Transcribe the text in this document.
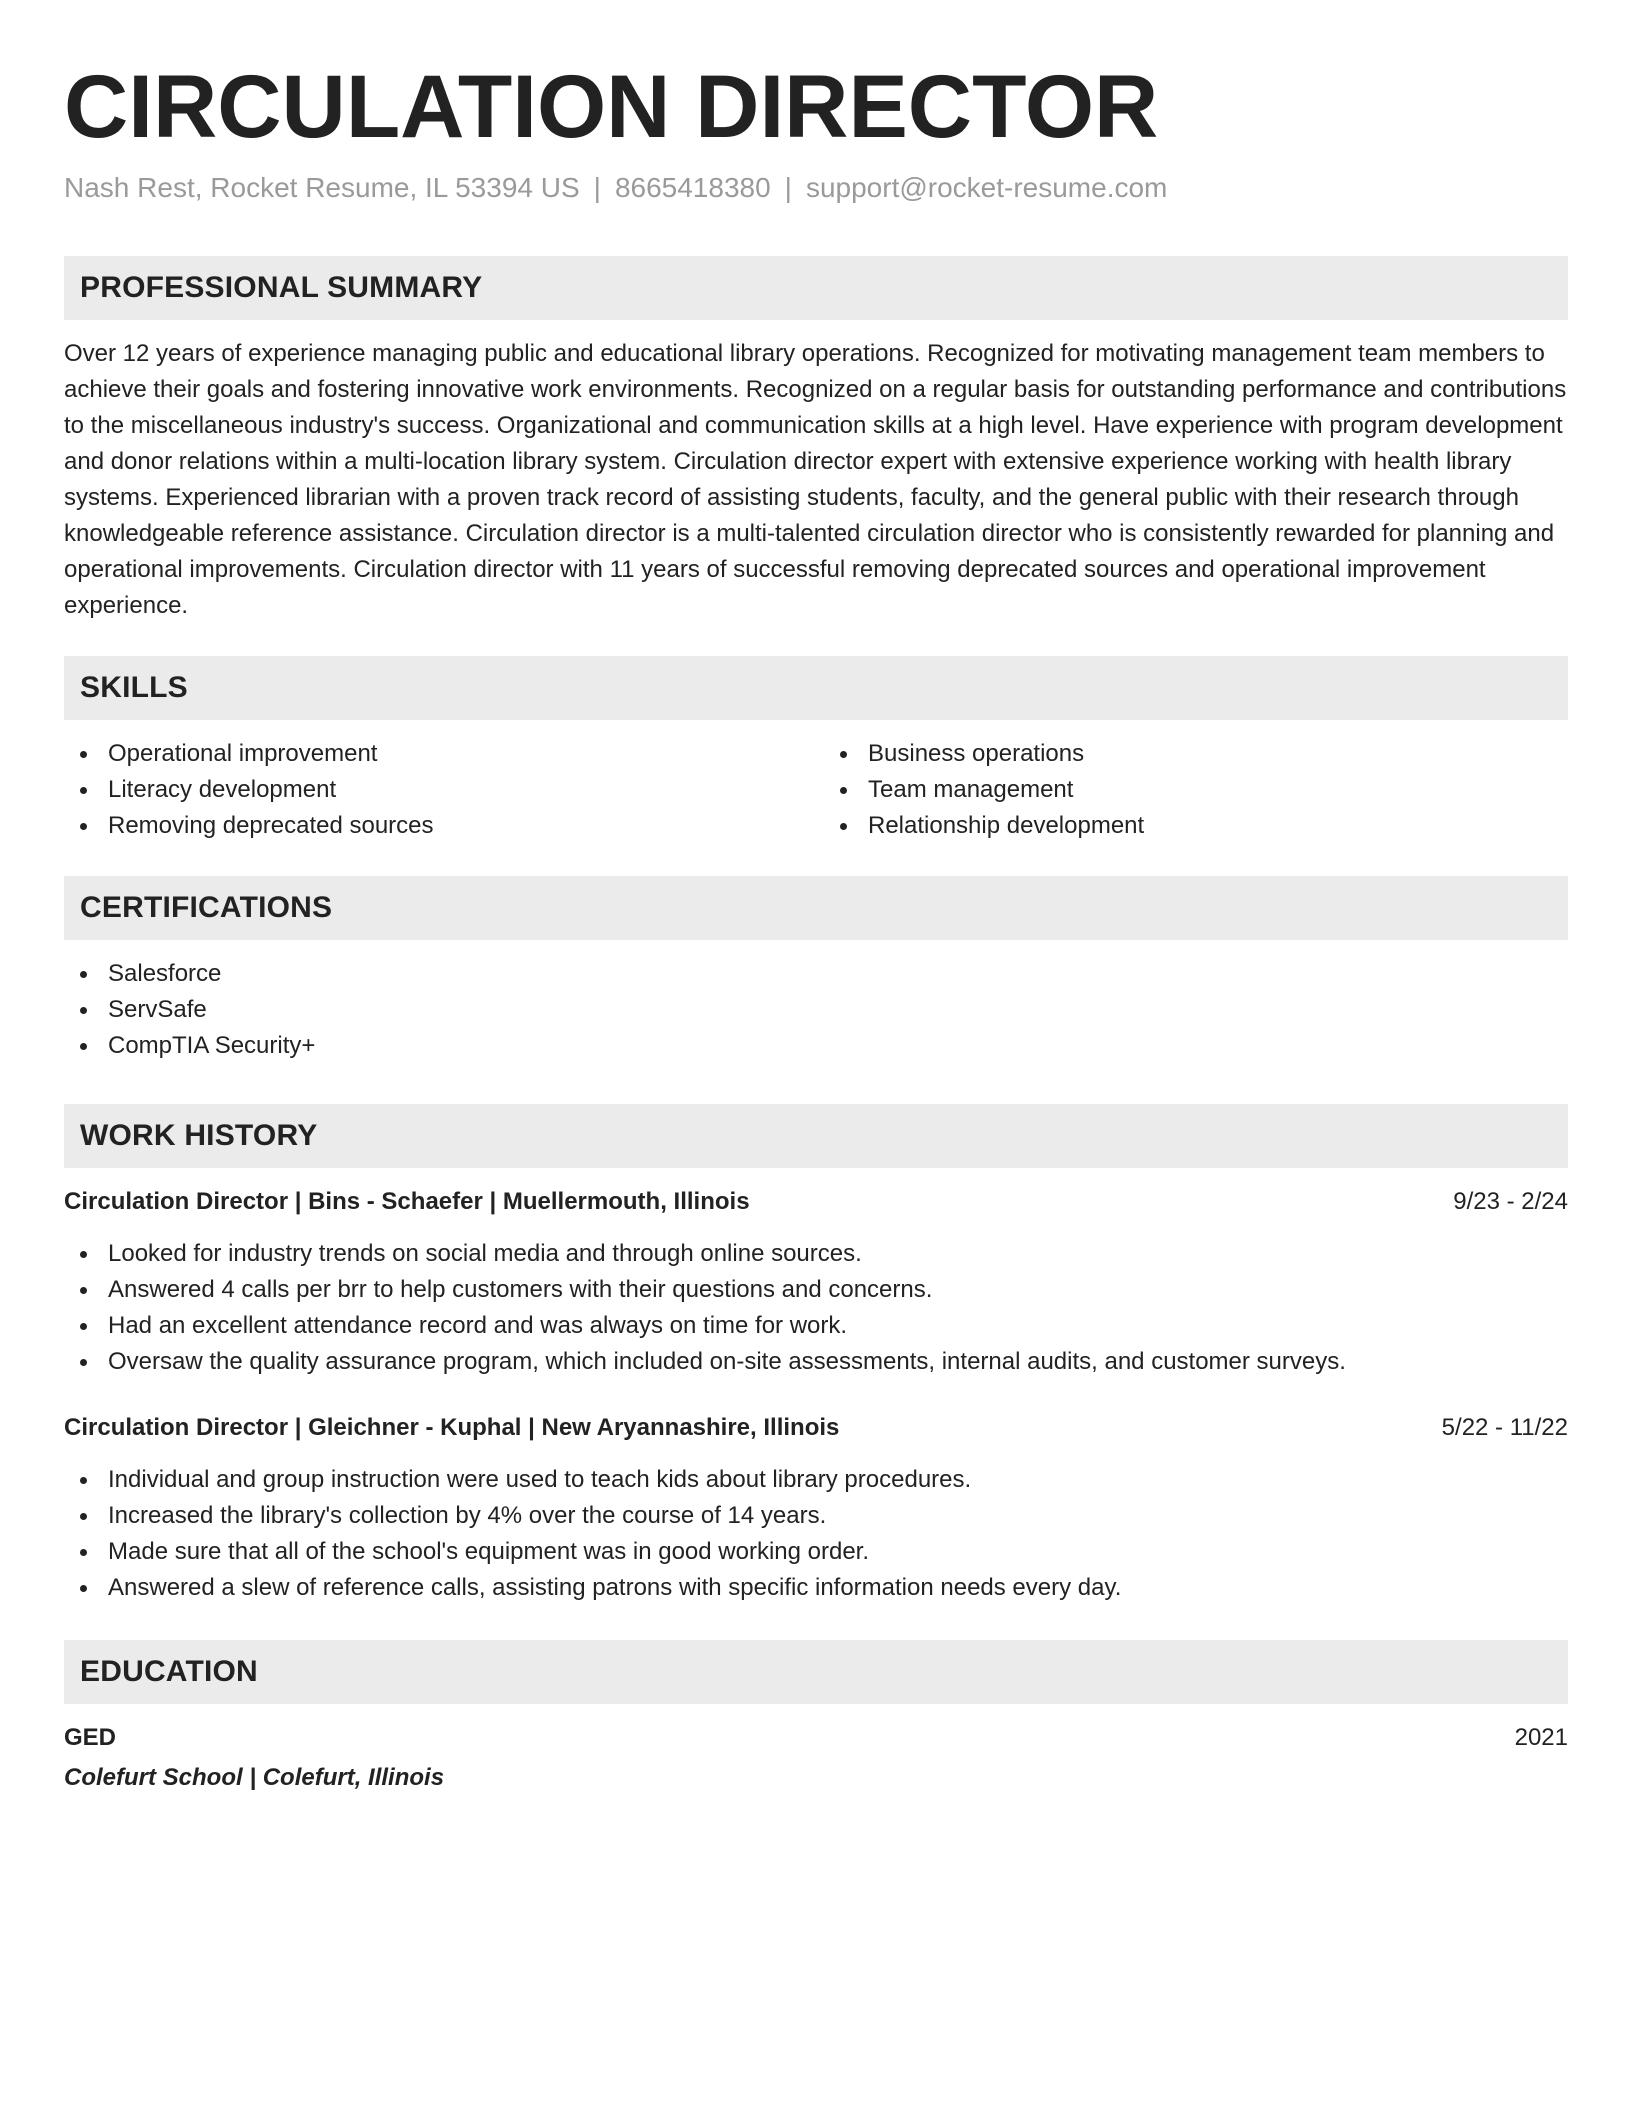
CIRCULATION DIRECTOR
Nash Rest, Rocket Resume, IL 53394 US | 8665418380 | support@rocket-resume.com
PROFESSIONAL SUMMARY

Over 12 years of experience managing public and educational library operations. Recognized for motivating management team members to achieve their goals and fostering innovative work environments. Recognized on a regular basis for outstanding performance and contributions to the miscellaneous industry's success. Organizational and communication skills at a high level. Have experience with program development and donor relations within a multi-location library system. Circulation director expert with extensive experience working with health library systems. Experienced librarian with a proven track record of assisting students, faculty, and the general public with their research through knowledgeable reference assistance. Circulation director is a multi-talented circulation director who is consistently rewarded for planning and operational improvements. Circulation director with 11 years of successful removing deprecated sources and operational improvement experience.

SKILLS
Operational improvement
Literacy development
Removing deprecated sources
Business operations
Team management
Relationship development
CERTIFICATIONS
Salesforce
ServSafe
CompTIA Security+
WORK HISTORY
Circulation Director | Bins - Schaefer | Muellermouth, Illinois	9/23 - 2/24
Looked for industry trends on social media and through online sources.
Answered 4 calls per brr to help customers with their questions and concerns.
Had an excellent attendance record and was always on time for work.
Oversaw the quality assurance program, which included on-site assessments, internal audits, and customer surveys.
Circulation Director | Gleichner - Kuphal | New Aryannashire, Illinois	5/22 - 11/22
Individual and group instruction were used to teach kids about library procedures.
Increased the library's collection by 4% over the course of 14 years.
Made sure that all of the school's equipment was in good working order.
Answered a slew of reference calls, assisting patrons with specific information needs every day.
EDUCATION
GED	2021
Colefurt School | Colefurt, Illinois
